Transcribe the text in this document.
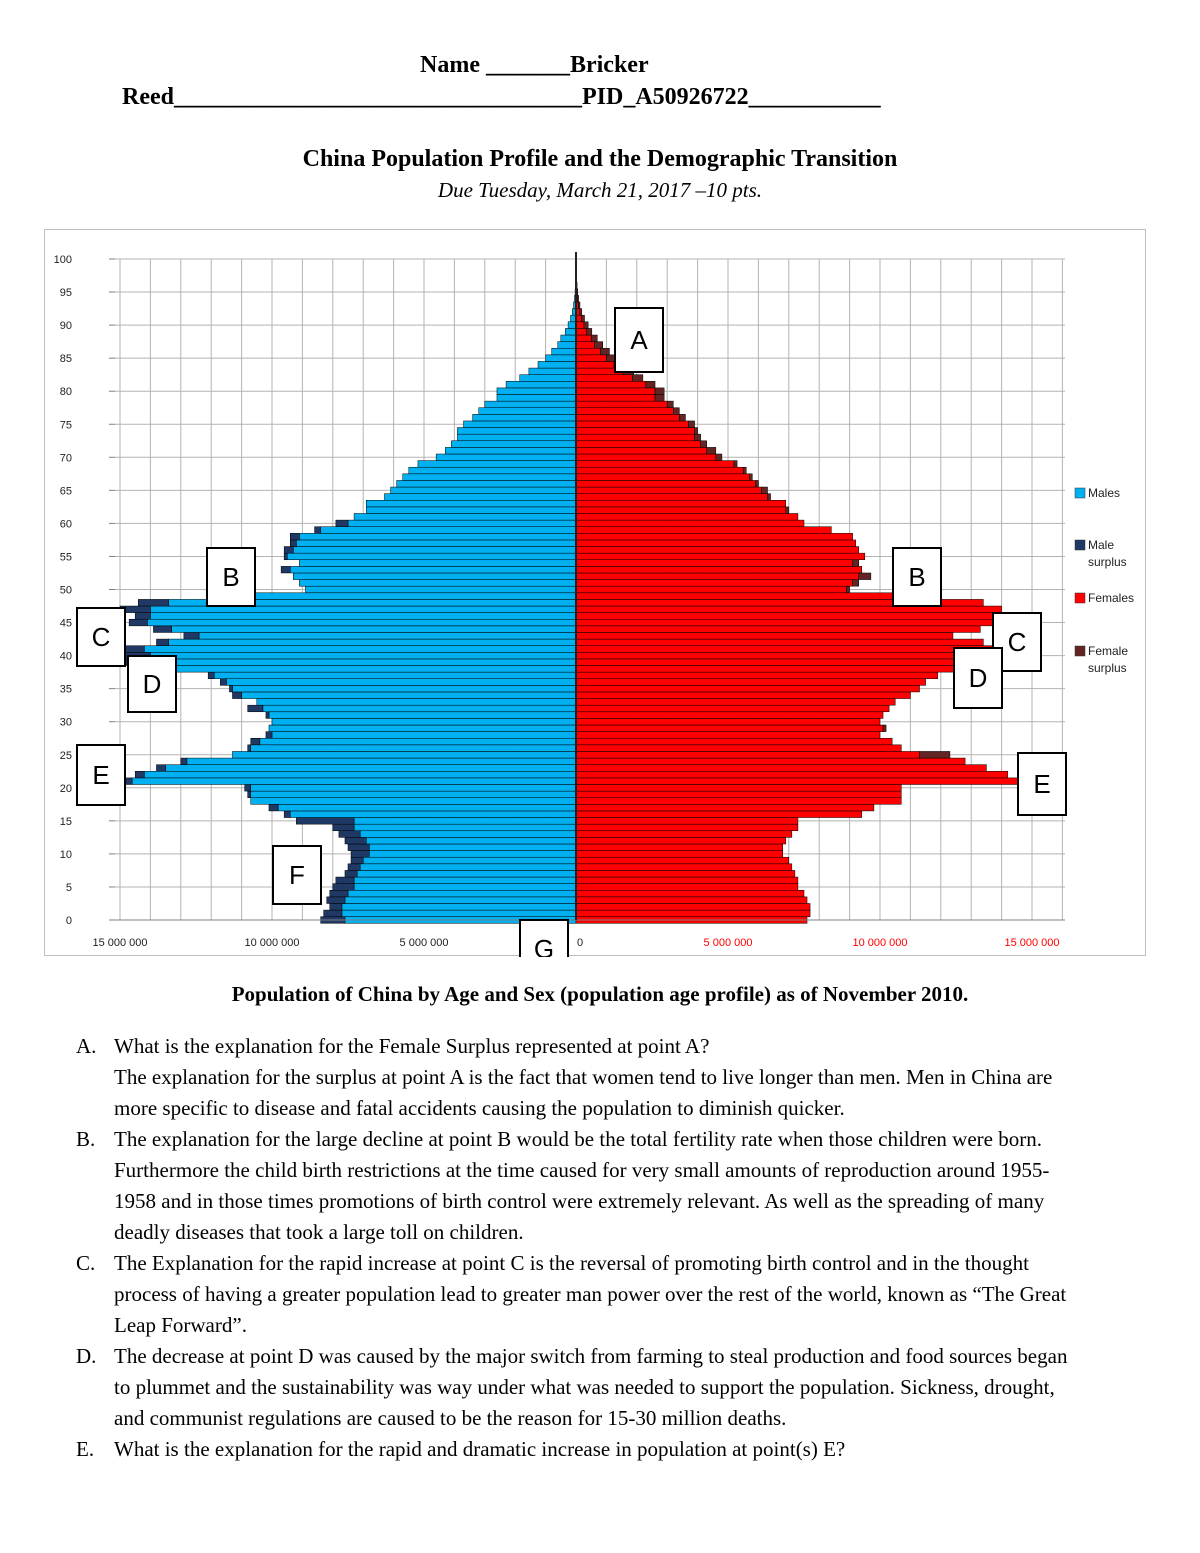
Name _______Bricker
Reed__________________________________PID_A50926722___________
China Population Profile and the Demographic Transition
Due Tuesday, March 21, 2017 –10 pts.
0
5
10
15
20
25
30
35
40
45
50
55
60
65
70
75
80
85
90
95
100
15 000 000	10 000 000	5 000 000	0	5 000 000	10 000 000	15 000 000
Males
Male
surplus
Females
Female
surplus
A
B	B
C	C
D	D
E	E
F
G
Population of China by Age and Sex (population age profile) as of November 2010.
A. What is the explanation for the Female Surplus represented at point A?
The explanation for the surplus at point A is the fact that women tend to live longer than men. Men in China are more specific to disease and fatal accidents causing the population to diminish quicker.
B. The explanation for the large decline at point B would be the total fertility rate when those children were born. Furthermore the child birth restrictions at the time caused for very small amounts of reproduction around 1955-1958 and in those times promotions of birth control were extremely relevant. As well as the spreading of many deadly diseases that took a large toll on children.
C. The Explanation for the rapid increase at point C is the reversal of promoting birth control and in the thought process of having a greater population lead to greater man power over the rest of the world, known as “The Great Leap Forward”.
D. The decrease at point D was caused by the major switch from farming to steal production and food sources began to plummet and the sustainability was way under what was needed to support the population. Sickness, drought, and communist regulations are caused to be the reason for 15-30 million deaths.
E. What is the explanation for the rapid and dramatic increase in population at point(s) E?
